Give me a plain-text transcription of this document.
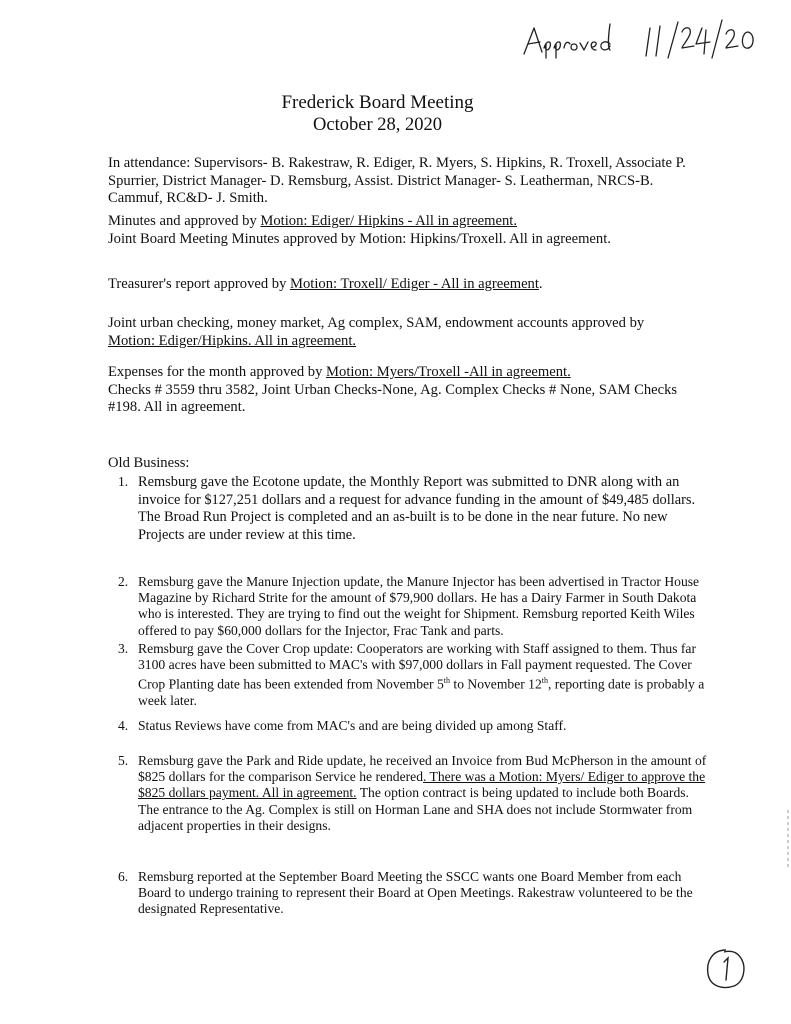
Approved 11/24/20
Frederick Board Meeting
October 28, 2020
In attendance: Supervisors- B. Rakestraw, R. Ediger, R. Myers, S. Hipkins, R. Troxell, Associate P. Spurrier, District Manager- D. Remsburg, Assist. District Manager- S. Leatherman, NRCS-B. Cammuf, RC&D- J. Smith.
Minutes and approved by Motion: Ediger/ Hipkins - All in agreement.
Joint Board Meeting Minutes approved by Motion: Hipkins/Troxell. All in agreement.
Treasurer's report approved by Motion: Troxell/ Ediger - All in agreement.
Joint urban checking, money market, Ag complex, SAM, endowment accounts approved by
Motion: Ediger/Hipkins. All in agreement.
Expenses for the month approved by Motion: Myers/Troxell -All in agreement.
Checks # 3559 thru 3582, Joint Urban Checks-None, Ag. Complex Checks # None, SAM Checks #198. All in agreement.
Old Business:
1. Remsburg gave the Ecotone update, the Monthly Report was submitted to DNR along with an invoice for $127,251 dollars and a request for advance funding in the amount of $49,485 dollars. The Broad Run Project is completed and an as-built is to be done in the near future. No new Projects are under review at this time.
2. Remsburg gave the Manure Injection update, the Manure Injector has been advertised in Tractor House Magazine by Richard Strite for the amount of $79,900 dollars. He has a Dairy Farmer in South Dakota who is interested. They are trying to find out the weight for Shipment. Remsburg reported Keith Wiles offered to pay $60,000 dollars for the Injector, Frac Tank and parts.
3. Remsburg gave the Cover Crop update: Cooperators are working with Staff assigned to them. Thus far 3100 acres have been submitted to MAC's with $97,000 dollars in Fall payment requested. The Cover Crop Planting date has been extended from November 5th to November 12th, reporting date is probably a week later.
4. Status Reviews have come from MAC's and are being divided up among Staff.
5. Remsburg gave the Park and Ride update, he received an Invoice from Bud McPherson in the amount of $825 dollars for the comparison Service he rendered. There was a Motion: Myers/ Ediger to approve the $825 dollars payment. All in agreement. The option contract is being updated to include both Boards. The entrance to the Ag. Complex is still on Horman Lane and SHA does not include Stormwater from adjacent properties in their designs.
6. Remsburg reported at the September Board Meeting the SSCC wants one Board Member from each Board to undergo training to represent their Board at Open Meetings. Rakestraw volunteered to be the designated Representative.
1
